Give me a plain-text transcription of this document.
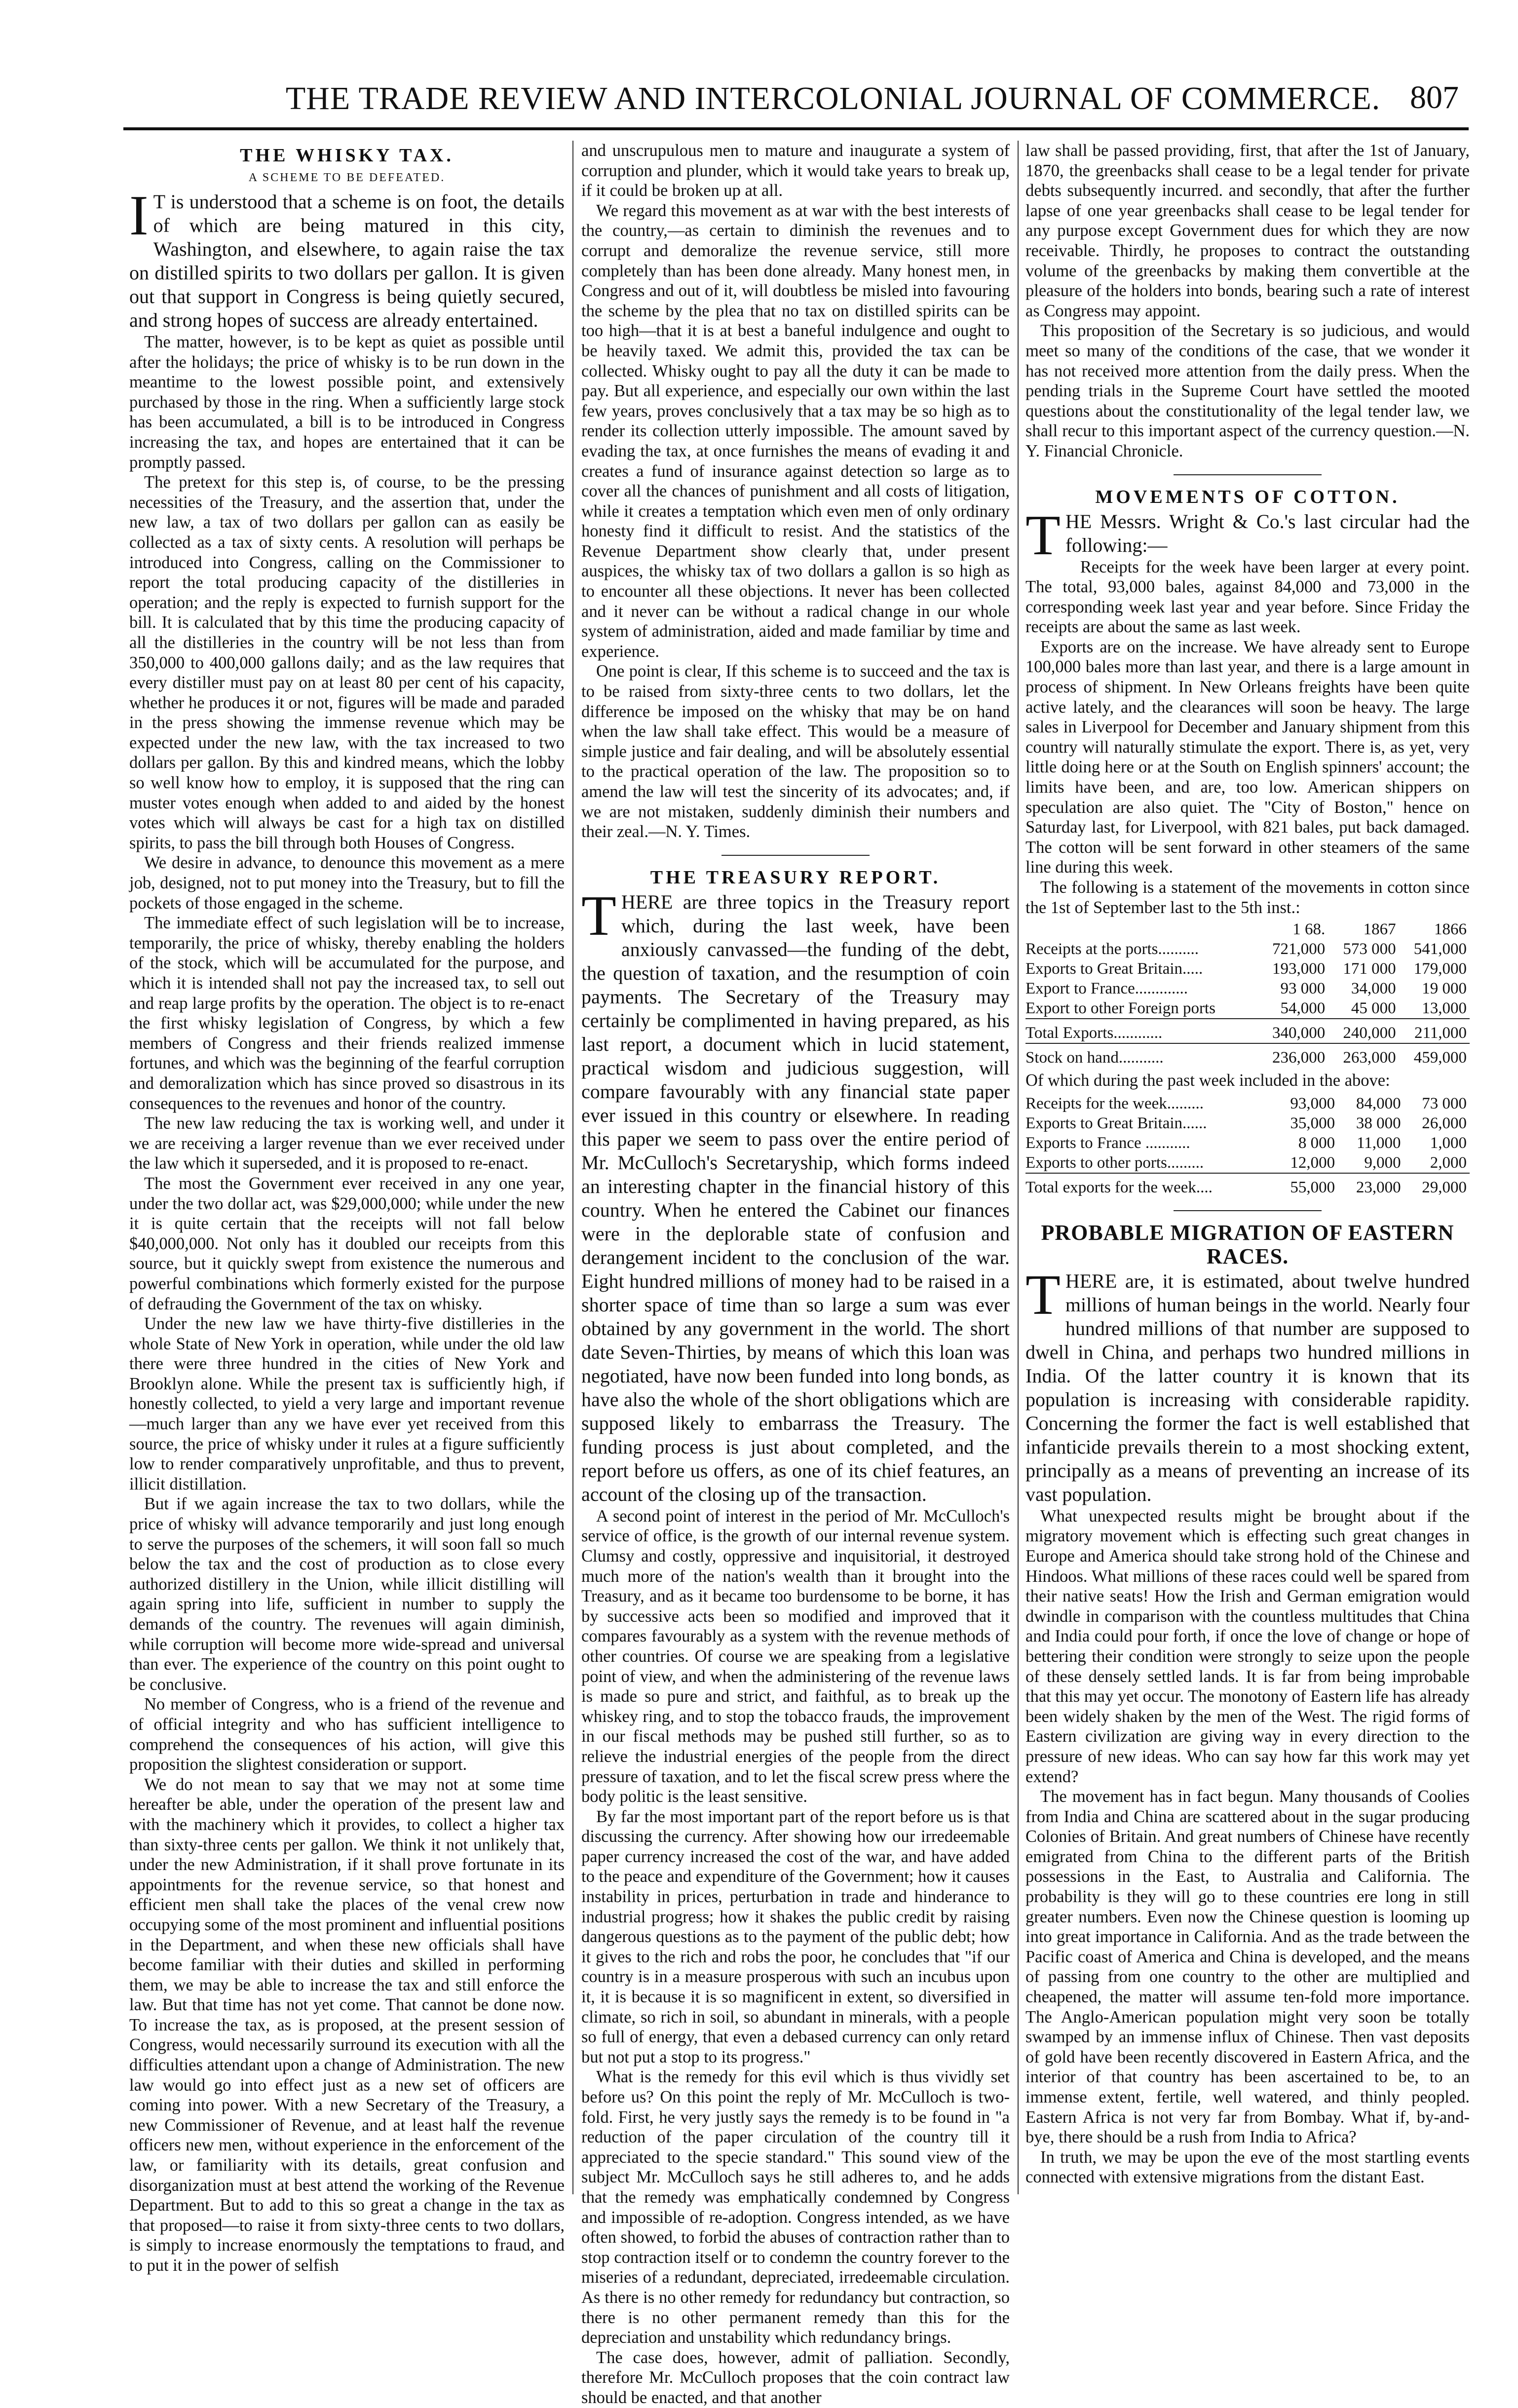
THE TRADE REVIEW AND INTERCOLONIAL JOURNAL OF COMMERCE. 807
THE WHISKY TAX.
A SCHEME TO BE DEFEATED.

I T is understood that a scheme is on foot, the details of which are being matured in this city, Washington, and elsewhere, to again raise the tax on distilled spirits to two dollars per gallon. It is given out that support in Congress is being quietly secured, and strong hopes of success are already entertained.

The matter, however, is to be kept as quiet as possible until after the holidays; the price of whisky is to be run down in the meantime to the lowest possible point, and extensively purchased by those in the ring. When a sufficiently large stock has been accumulated, a bill is to be introduced in Congress increasing the tax, and hopes are entertained that it can be promptly passed.

The pretext for this step is, of course, to be the pressing necessities of the Treasury, and the assertion that, under the new law, a tax of two dollars per gallon can as easily be collected as a tax of sixty cents. A resolution will perhaps be introduced into Congress, calling on the Commissioner to report the total producing capacity of the distilleries in operation; and the reply is expected to furnish support for the bill. It is calculated that by this time the producing capacity of all the distilleries in the country will be not less than from 350,000 to 400,000 gallons daily; and as the law requires that every distiller must pay on at least 80 per cent of his capacity, whether he produces it or not, figures will be made and paraded in the press showing the immense revenue which may be expected under the new law, with the tax increased to two dollars per gallon. By this and kindred means, which the lobby so well know how to employ, it is supposed that the ring can muster votes enough when added to and aided by the honest votes which will always be cast for a high tax on distilled spirits, to pass the bill through both Houses of Congress.

We desire in advance, to denounce this movement as a mere job, designed, not to put money into the Treasury, but to fill the pockets of those engaged in the scheme.

The immediate effect of such legislation will be to increase, temporarily, the price of whisky, thereby enabling the holders of the stock, which will be accumulated for the purpose, and which it is intended shall not pay the increased tax, to sell out and reap large profits by the operation. The object is to re-enact the first whisky legislation of Congress, by which a few members of Congress and their friends realized immense fortunes, and which was the beginning of the fearful corruption and demoralization which has since proved so disastrous in its consequences to the revenues and honor of the country.

The new law reducing the tax is working well, and under it we are receiving a larger revenue than we ever received under the law which it superseded, and it is proposed to re-enact.

The most the Government ever received in any one year, under the two dollar act, was $29,000,000; while under the new it is quite certain that the receipts will not fall below $40,000,000. Not only has it doubled our receipts from this source, but it quickly swept from existence the numerous and powerful combinations which formerly existed for the purpose of defrauding the Government of the tax on whisky.

Under the new law we have thirty-five distilleries in the whole State of New York in operation, while under the old law there were three hundred in the cities of New York and Brooklyn alone. While the present tax is sufficiently high, if honestly collected, to yield a very large and important revenue—much larger than any we have ever yet received from this source, the price of whisky under it rules at a figure sufficiently low to render comparatively unprofitable, and thus to prevent, illicit distillation.

But if we again increase the tax to two dollars, while the price of whisky will advance temporarily and just long enough to serve the purposes of the schemers, it will soon fall so much below the tax and the cost of production as to close every authorized distillery in the Union, while illicit distilling will again spring into life, sufficient in number to supply the demands of the country. The revenues will again diminish, while corruption will become more wide-spread and universal than ever. The experience of the country on this point ought to be conclusive.

No member of Congress, who is a friend of the revenue and of official integrity and who has sufficient intelligence to comprehend the consequences of his action, will give this proposition the slightest consideration or support.

We do not mean to say that we may not at some time hereafter be able, under the operation of the present law and with the machinery which it provides, to collect a higher tax than sixty-three cents per gallon. We think it not unlikely that, under the new Administration, if it shall prove fortunate in its appointments for the revenue service, so that honest and efficient men shall take the places of the venal crew now occupying some of the most prominent and influential positions in the Department, and when these new officials shall have become familiar with their duties and skilled in performing them, we may be able to increase the tax and still enforce the law. But that time has not yet come. That cannot be done now. To increase the tax, as is proposed, at the present session of Congress, would necessarily surround its execution with all the difficulties attendant upon a change of Administration. The new law would go into effect just as a new set of officers are coming into power. With a new Secretary of the Treasury, a new Commissioner of Revenue, and at least half the revenue officers new men, without experience in the enforcement of the law, or familiarity with its details, great confusion and disorganization must at best attend the working of the Revenue Department. But to add to this so great a change in the tax as that proposed—to raise it from sixty-three cents to two dollars, is simply to increase enormously the temptations to fraud, and to put it in the power of selfish

and unscrupulous men to mature and inaugurate a system of corruption and plunder, which it would take years to break up, if it could be broken up at all.

We regard this movement as at war with the best interests of the country,—as certain to diminish the revenues and to corrupt and demoralize the revenue service, still more completely than has been done already. Many honest men, in Congress and out of it, will doubtless be misled into favouring the scheme by the plea that no tax on distilled spirits can be too high—that it is at best a baneful indulgence and ought to be heavily taxed. We admit this, provided the tax can be collected. Whisky ought to pay all the duty it can be made to pay. But all experience, and especially our own within the last few years, proves conclusively that a tax may be so high as to render its collection utterly impossible. The amount saved by evading the tax, at once furnishes the means of evading it and creates a fund of insurance against detection so large as to cover all the chances of punishment and all costs of litigation, while it creates a temptation which even men of only ordinary honesty find it difficult to resist. And the statistics of the Revenue Department show clearly that, under present auspices, the whisky tax of two dollars a gallon is so high as to encounter all these objections. It never has been collected and it never can be without a radical change in our whole system of administration, aided and made familiar by time and experience.

One point is clear, If this scheme is to succeed and the tax is to be raised from sixty-three cents to two dollars, let the difference be imposed on the whisky that may be on hand when the law shall take effect. This would be a measure of simple justice and fair dealing, and will be absolutely essential to the practical operation of the law. The proposition so to amend the law will test the sincerity of its advocates; and, if we are not mistaken, suddenly diminish their numbers and their zeal.—N. Y. Times.

THE TREASURY REPORT.

THERE are three topics in the Treasury report which, during the last week, have been anxiously canvassed—the funding of the debt, the question of taxation, and the resumption of coin payments. The Secretary of the Treasury may certainly be complimented in having prepared, as his last report, a document which in lucid statement, practical wisdom and judicious suggestion, will compare favourably with any financial state paper ever issued in this country or elsewhere. In reading this paper we seem to pass over the entire period of Mr. McCulloch's Secretaryship, which forms indeed an interesting chapter in the financial history of this country. When he entered the Cabinet our finances were in the deplorable state of confusion and derangement incident to the conclusion of the war. Eight hundred millions of money had to be raised in a shorter space of time than so large a sum was ever obtained by any government in the world. The short date Seven-Thirties, by means of which this loan was negotiated, have now been funded into long bonds, as have also the whole of the short obligations which are supposed likely to embarrass the Treasury. The funding process is just about completed, and the report before us offers, as one of its chief features, an account of the closing up of the transaction.

A second point of interest in the period of Mr. McCulloch's service of office, is the growth of our internal revenue system. Clumsy and costly, oppressive and inquisitorial, it destroyed much more of the nation's wealth than it brought into the Treasury, and as it became too burdensome to be borne, it has by successive acts been so modified and improved that it compares favourably as a system with the revenue methods of other countries. Of course we are speaking from a legislative point of view, and when the administering of the revenue laws is made so pure and strict, and faithful, as to break up the whiskey ring, and to stop the tobacco frauds, the improvement in our fiscal methods may be pushed still further, so as to relieve the industrial energies of the people from the direct pressure of taxation, and to let the fiscal screw press where the body politic is the least sensitive.

By far the most important part of the report before us is that discussing the currency. After showing how our irredeemable paper currency increased the cost of the war, and have added to the peace and expenditure of the Government; how it causes instability in prices, perturbation in trade and hinderance to industrial progress; how it shakes the public credit by raising dangerous questions as to the payment of the public debt; how it gives to the rich and robs the poor, he concludes that "if our country is in a measure prosperous with such an incubus upon it, it is because it is so magnificent in extent, so diversified in climate, so rich in soil, so abundant in minerals, with a people so full of energy, that even a debased currency can only retard but not put a stop to its progress."

What is the remedy for this evil which is thus vividly set before us? On this point the reply of Mr. McCulloch is two-fold. First, he very justly says the remedy is to be found in "a reduction of the paper circulation of the country till it appreciated to the specie standard." This sound view of the subject Mr. McCulloch says he still adheres to, and he adds that the remedy was emphatically condemned by Congress and impossible of re-adoption. Congress intended, as we have often showed, to forbid the abuses of contraction rather than to stop contraction itself or to condemn the country forever to the miseries of a redundant, depreciated, irredeemable circulation. As there is no other remedy for redundancy but contraction, so there is no other permanent remedy than this for the depreciation and unstability which redundancy brings.

The case does, however, admit of palliation. Secondly, therefore Mr. McCulloch proposes that the coin contract law should be enacted, and that another

law shall be passed providing, first, that after the 1st of January, 1870, the greenbacks shall cease to be a legal tender for private debts subsequently incurred. and secondly, that after the further lapse of one year greenbacks shall cease to be legal tender for any purpose except Government dues for which they are now receivable. Thirdly, he proposes to contract the outstanding volume of the greenbacks by making them convertible at the pleasure of the holders into bonds, bearing such a rate of interest as Congress may appoint.

This proposition of the Secretary is so judicious, and would meet so many of the conditions of the case, that we wonder it has not received more attention from the daily press. When the pending trials in the Supreme Court have settled the mooted questions about the constitutionality of the legal tender law, we shall recur to this important aspect of the currency question.—N. Y. Financial Chronicle.

MOVEMENTS OF COTTON.

THE Messrs. Wright & Co.'s last circular had the following:—

Receipts for the week have been larger at every point. The total, 93,000 bales, against 84,000 and 73,000 in the corresponding week last year and year before. Since Friday the receipts are about the same as last week.

Exports are on the increase. We have already sent to Europe 100,000 bales more than last year, and there is a large amount in process of shipment. In New Orleans freights have been quite active lately, and the clearances will soon be heavy. The large sales in Liverpool for December and January shipment from this country will naturally stimulate the export. There is, as yet, very little doing here or at the South on English spinners' account; the limits have been, and are, too low. American shippers on speculation are also quiet. The "City of Boston," hence on Saturday last, for Liverpool, with 821 bales, put back damaged. The cotton will be sent forward in other steamers of the same line during this week.

The following is a statement of the movements in cotton since the 1st of September last to the 5th inst.:

	1 68.	1867	1866
Receipts at the ports..........	721,000	573 000	541,000
Exports to Great Britain.....	193,000	171 000	179,000
Export to France.............	93 000	34,000	19 000
Export to other Foreign ports	54,000	45 000	13,000
Total Exports............	340,000	240,000	211,000
Stock on hand...........	236,000	263,000	459,000

Of which during the past week included in the above:

Receipts for the week.........	93,000	84,000	73 000
Exports to Great Britain......	35,000	38 000	26,000
Exports to France ...........	8 000	11,000	1,000
Exports to other ports.........	12,000	9,000	2,000
Total exports for the week....	55,000	23,000	29,000
PROBABLE MIGRATION OF EASTERN RACES.

THERE are, it is estimated, about twelve hundred millions of human beings in the world. Nearly four hundred millions of that number are supposed to dwell in China, and perhaps two hundred millions in India. Of the latter country it is known that its population is increasing with considerable rapidity. Concerning the former the fact is well established that infanticide prevails therein to a most shocking extent, principally as a means of preventing an increase of its vast population.

What unexpected results might be brought about if the migratory movement which is effecting such great changes in Europe and America should take strong hold of the Chinese and Hindoos. What millions of these races could well be spared from their native seats! How the Irish and German emigration would dwindle in comparison with the countless multitudes that China and India could pour forth, if once the love of change or hope of bettering their condition were strongly to seize upon the people of these densely settled lands. It is far from being improbable that this may yet occur. The monotony of Eastern life has already been widely shaken by the men of the West. The rigid forms of Eastern civilization are giving way in every direction to the pressure of new ideas. Who can say how far this work may yet extend?

The movement has in fact begun. Many thousands of Coolies from India and China are scattered about in the sugar producing Colonies of Britain. And great numbers of Chinese have recently emigrated from China to the different parts of the British possessions in the East, to Australia and California. The probability is they will go to these countries ere long in still greater numbers. Even now the Chinese question is looming up into great importance in California. And as the trade between the Pacific coast of America and China is developed, and the means of passing from one country to the other are multiplied and cheapened, the matter will assume ten-fold more importance. The Anglo-American population might very soon be totally swamped by an immense influx of Chinese. Then vast deposits of gold have been recently discovered in Eastern Africa, and the interior of that country has been ascertained to be, to an immense extent, fertile, well watered, and thinly peopled. Eastern Africa is not very far from Bombay. What if, by-and-bye, there should be a rush from India to Africa?

In truth, we may be upon the eve of the most startling events connected with extensive migrations from the distant East.
